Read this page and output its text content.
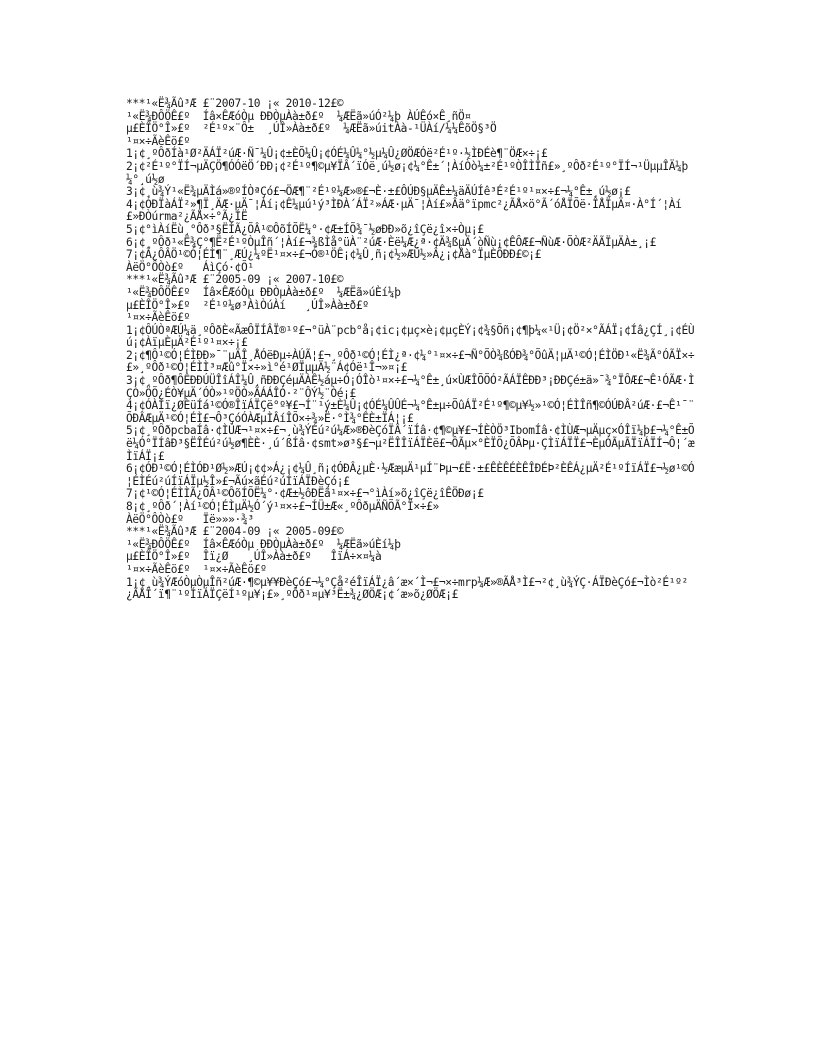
***¹«Ë¾Ãû³Æ £¨2007-10 ¡« 2010-12£©

¹«Ë¾ÐÔÖÊ£º  Íâ×ÊÆóÒµ ÐÐÒµÀà±ð£º  ¼ÆËã»úÓ²¼þ ÀÚÊó×Ê¸ñÖ¤

µ£ÈÎÖ°Î»£º  ²É¹º×¨Ô±  ¸ÚÎ»Àà±ð£º  ¼ÆËã»úitÀà-¹ÜÀí/¼¼ÊõÖ§³Ö

¹¤×÷ÃèÊö£º

1¡¢¸ºÔðÍà¹Ø²ÄÁÏ²úÆ·Ñ¯¼Û¡¢±ÈÕ¼Û¡¢ÓÉ¼Û¼°½µ¼Û¿ØÖÆÓë²É¹º·½ÌÐÉè¶¨ÖÆ×÷¡£

2¡¢²É¹º°ÏÍ¬µÄÇÖ¶ÓÓëÖ´ÐÐ¡¢²É¹º¶©µ¥ÏÂ´ïÓë¸ú½ø¡¢¼°Ê±´¦ÀíÒò¼±²É¹ºÒÎÌÎñ£»¸ºÔð²É¹º°ÏÍ¬¹ÜµµÎÄ¼þ¼°¸ú½ø

3¡¢¸ù¾Ý¹«Ë¾µÄÌá»®ºÍÒªÇó£¬ÖÆ¶¨²É¹º¼Æ»®£¬È·±£ÔÚÐ§µÄÊ±¼äÄÚÍê³É²É¹º¹¤×÷£¬¼°Ê±¸ú½ø¡£

4¡¢ÓÐÏàÁÏ²»¶Ï¸ÄÆ·µÄ¯¦Àí¡¢Ê¼µú¹ý³ÌÐÀ´ÁÏ²»ÁÆ·µÄ¯¦Àí£»Âä°ïpmc²¿ÃÅ×ö°Ã´óÅÏÕë·ÎÅÏµÄ¤·À°Í´¦Àí£»ÐÒúrma²¿ÃÅ×÷°Ã¿ÍË

5¡¢°ìÀíËù¸°Ôð³§ËÍÃ¿ÕÂ¹©ÔõÍÕË¼°·¢Æ±ÍÕ¾¯½øÐÐ»õ¿îÇë¿î×÷Òµ¡£

6¡¢¸ºÔð¹«Ë¾Ç°¶Ë²É¹ºÒµÎñ´¦Àí£¬¾ßÌå°üÀ¨²úÆ·Èë¼Æ¿ª·¢Ä¾ßµÄ´òÑù¡¢ÊÔÆ£¬ÑùÆ·ÕÒÆ²ÄÃÏµÄÀ±¸¡£

7¡¢Ã¿ÔÂÖ¹©Ó¦ÉÌ¶¨¸ÆÚ¿¼ºË¹¤×÷£¬Ó®¹ÖÊ¡¢¼Û¸ñ¡¢½»ÆÚ½»Â¿¡¢Åà°ÏµÈÖÐÐ£©¡£

ÀëÖ°ÔÒò£º   ÁìÇó·¢Õ¹

***¹«Ë¾Ãû³Æ £¨2005-09 ¡« 2007-10£©

¹«Ë¾ÐÔÖÊ£º  Íâ×ÊÆóÒµ ÐÐÒµÀà±ð£º  ¼ÆËã»úÈí¼þ

µ£ÈÎÖ°Î»£º  ²É¹º¼ø³ÀìÒúÀí   ¸ÚÎ»Àà±ð£º

¹¤×÷ÃèÊö£º

1¡¢ÔÚÒªÆÚ¼ä¸ºÔðÈ«ÃæÔÏÍÂÏ®¹º£¬°üÀ¨pcb°å¡¢ic¡¢µç×è¡¢µçÈÝ¡¢¾§Õñ¡¢¶þ¼«¹Ü¡¢Ö²×°ÃÁÏ¡¢Íâ¿ÇÍ¸¡¢ÉÙú¡¢ÀïµÈµÄ²É¹º¹¤×÷¡£

2¡¢¶Ô¹©Ó¦ÉÌÐÐ»¯¨µÄÎ¸ÅÓëÐµ÷ÀÚÃ¦£¬¸ºÔð¹©Ó¦ÉÌ¿ª·¢¼°¹¤×÷£¬Ñ°ÕÒ¾ßÓÐ¾°ÕûÄ¦µÄ¹©Ó¦ÉÌÖÐ¹«Ë¾Ã°ÓÃÏ×÷£»¸ºÔð¹©Ó¦ÉÌÌ³¤Æû°Ï×÷»ì°é¹ØÏµµÄ½¨Á¢Óë¹Î¬»¤¡£

3¡¢¸ºÔð¶ÔÊÐÐÚÜÎîÁÎ¼Û¸ñÐÐÇéµÄÀÊ½áµ÷Ó¡ÓÎò¹¤×÷£¬¼°Ê±¸ú×ÙÆÎÕÕÓ²ÃÁÏÊÐÐ³¡ÐÐÇé±ä»¯¾°ÏÔÆ£¬Ê¹ÓÃÆ·ÌÇÒ»ÖÕ¿ÉÒ¥µÄ´ÓÒ»¹ºÖÒ»ÃÁÁÎÓ·²¨ÔÝ½¨Òé¡£

4¡¢ÓÀÌï¿ØÈüÍá¹©Ó®ÎïÁÏÇë°º¥£¬Í¨¹ý±È¼Û¡¢ÓÉ¼ÛÛÉ¬¼°Ê±µ÷ÕûÁÏ²É¹º¶©µ¥½»¹©Ó¦ÉÌÎñ¶©ÓÚÐÂ²úÆ·£¬Ê¹¯¨ÕÐÂÆµÄ¹©Ó¦ÉÌ£¬Ô³ÇóÓÀÆµÌÂíÎÕ×÷¾»Ë·°Ì¾°ÊÈ±ÏÁ¦¡£

5¡¢¸ºÔðpcbaÍâ·¢ÌÙÆ¬¹¤×÷£¬¸ù¾ÝÉú²ú¼Æ»®ÐèÇóÏÂ´ïÍâ·¢¶©µ¥£¬ÍÈÒÖ³IbomÍâ·¢ÌÙÆ¬µÄµç×ÓÎï¼þ£¬¼°Ê±Õë¼Ó°ÏÍâÐ³§ËÎÉú²ú½ø¶ÈÈ·¸ú´ßÍâ·¢smt»ø³§£¬µ²ËÎÎïÁÏÈë£¬ÔÃµ×°ÈÏÕ¿ÕÂÞµ·ÇÌïÁÏÏ£¬ÈµÓÃµÃÏïÁÏÍ¬Ô¦´æÌïÁÏ¡£

6¡¢ÓÐ¹©Ó¦ÉÌÓÐ¹Ø½»ÆÚ¡¢¢»Á¿¡¢¼Û¸ñ¡¢ÓÐÂ¿µÈ·½ÆæµÄ¹µÍ¨Þµ¬£Ë·±£ÊÈÊÉÈÊÎÐÉÞ²ÈÊÁ¿µÄ²É¹ºÍïÁÏ£¬½ø¹©Ó¦ÉÌÉú²úÍïÁÏµ½Î»£¬Ãú×ãÉú²úÍïÁÏÐèÇó¡£

7¡¢¹©Ó¦ÉÌÌÃ¿ÕÂ¹©ÔõÍÕË¼°·¢Æ±½ôÐËã¹¤×÷£¬°ìÀí»õ¿îÇë¿îÊÖÐø¡£

8¡¢¸ºÔð´¦Àí¹©Ó¦ÉÌµÄ½Ó´ý¹¤×÷£¬ÍÜ±Æ«¸ºÔðµÄÑÕÃ°Ï×÷£»

ÀëÖ°ÔÒò£º   Ïë»»»·¾³

***¹«Ë¾Ãû³Æ £¨2004-09 ¡« 2005-09£©

¹«Ë¾ÐÔÖÊ£º  Íâ×ÊÆóÒµ ÐÐÒµÀà±ð£º  ¼ÆËã»úÈí¼þ

µ£ÈÎÖ°Î»£º  Îï¿Ø   ¸ÚÎ»Àà±ð£º   ÎïÁ÷×¤¼à

¹¤×÷ÃèÊö£º  ¹¤×÷ÃèÊö£º

1¡¢¸ù¾ÝÆóÒµÒµÎñ²úÆ·¶©µ¥¥ÐèÇó£¬¼°Çå²éÎïÁÏ¿â´æ×´Ì¬£¬×÷mrp¼Æ»®ÃÅ³Ì£¬²¢¸ù¾ÝÇ·ÁÏÐèÇó£¬Ìò²É¹º²¿ÃÅÏ´ï¶¨¹ºÍïÁÏÇëÍ¹ºµ¥¡£»¸ºÔð¹¤µ¥³Ë±¾¿ØÖÆ¡¢´æ»õ¿ØÖÆ¡£
